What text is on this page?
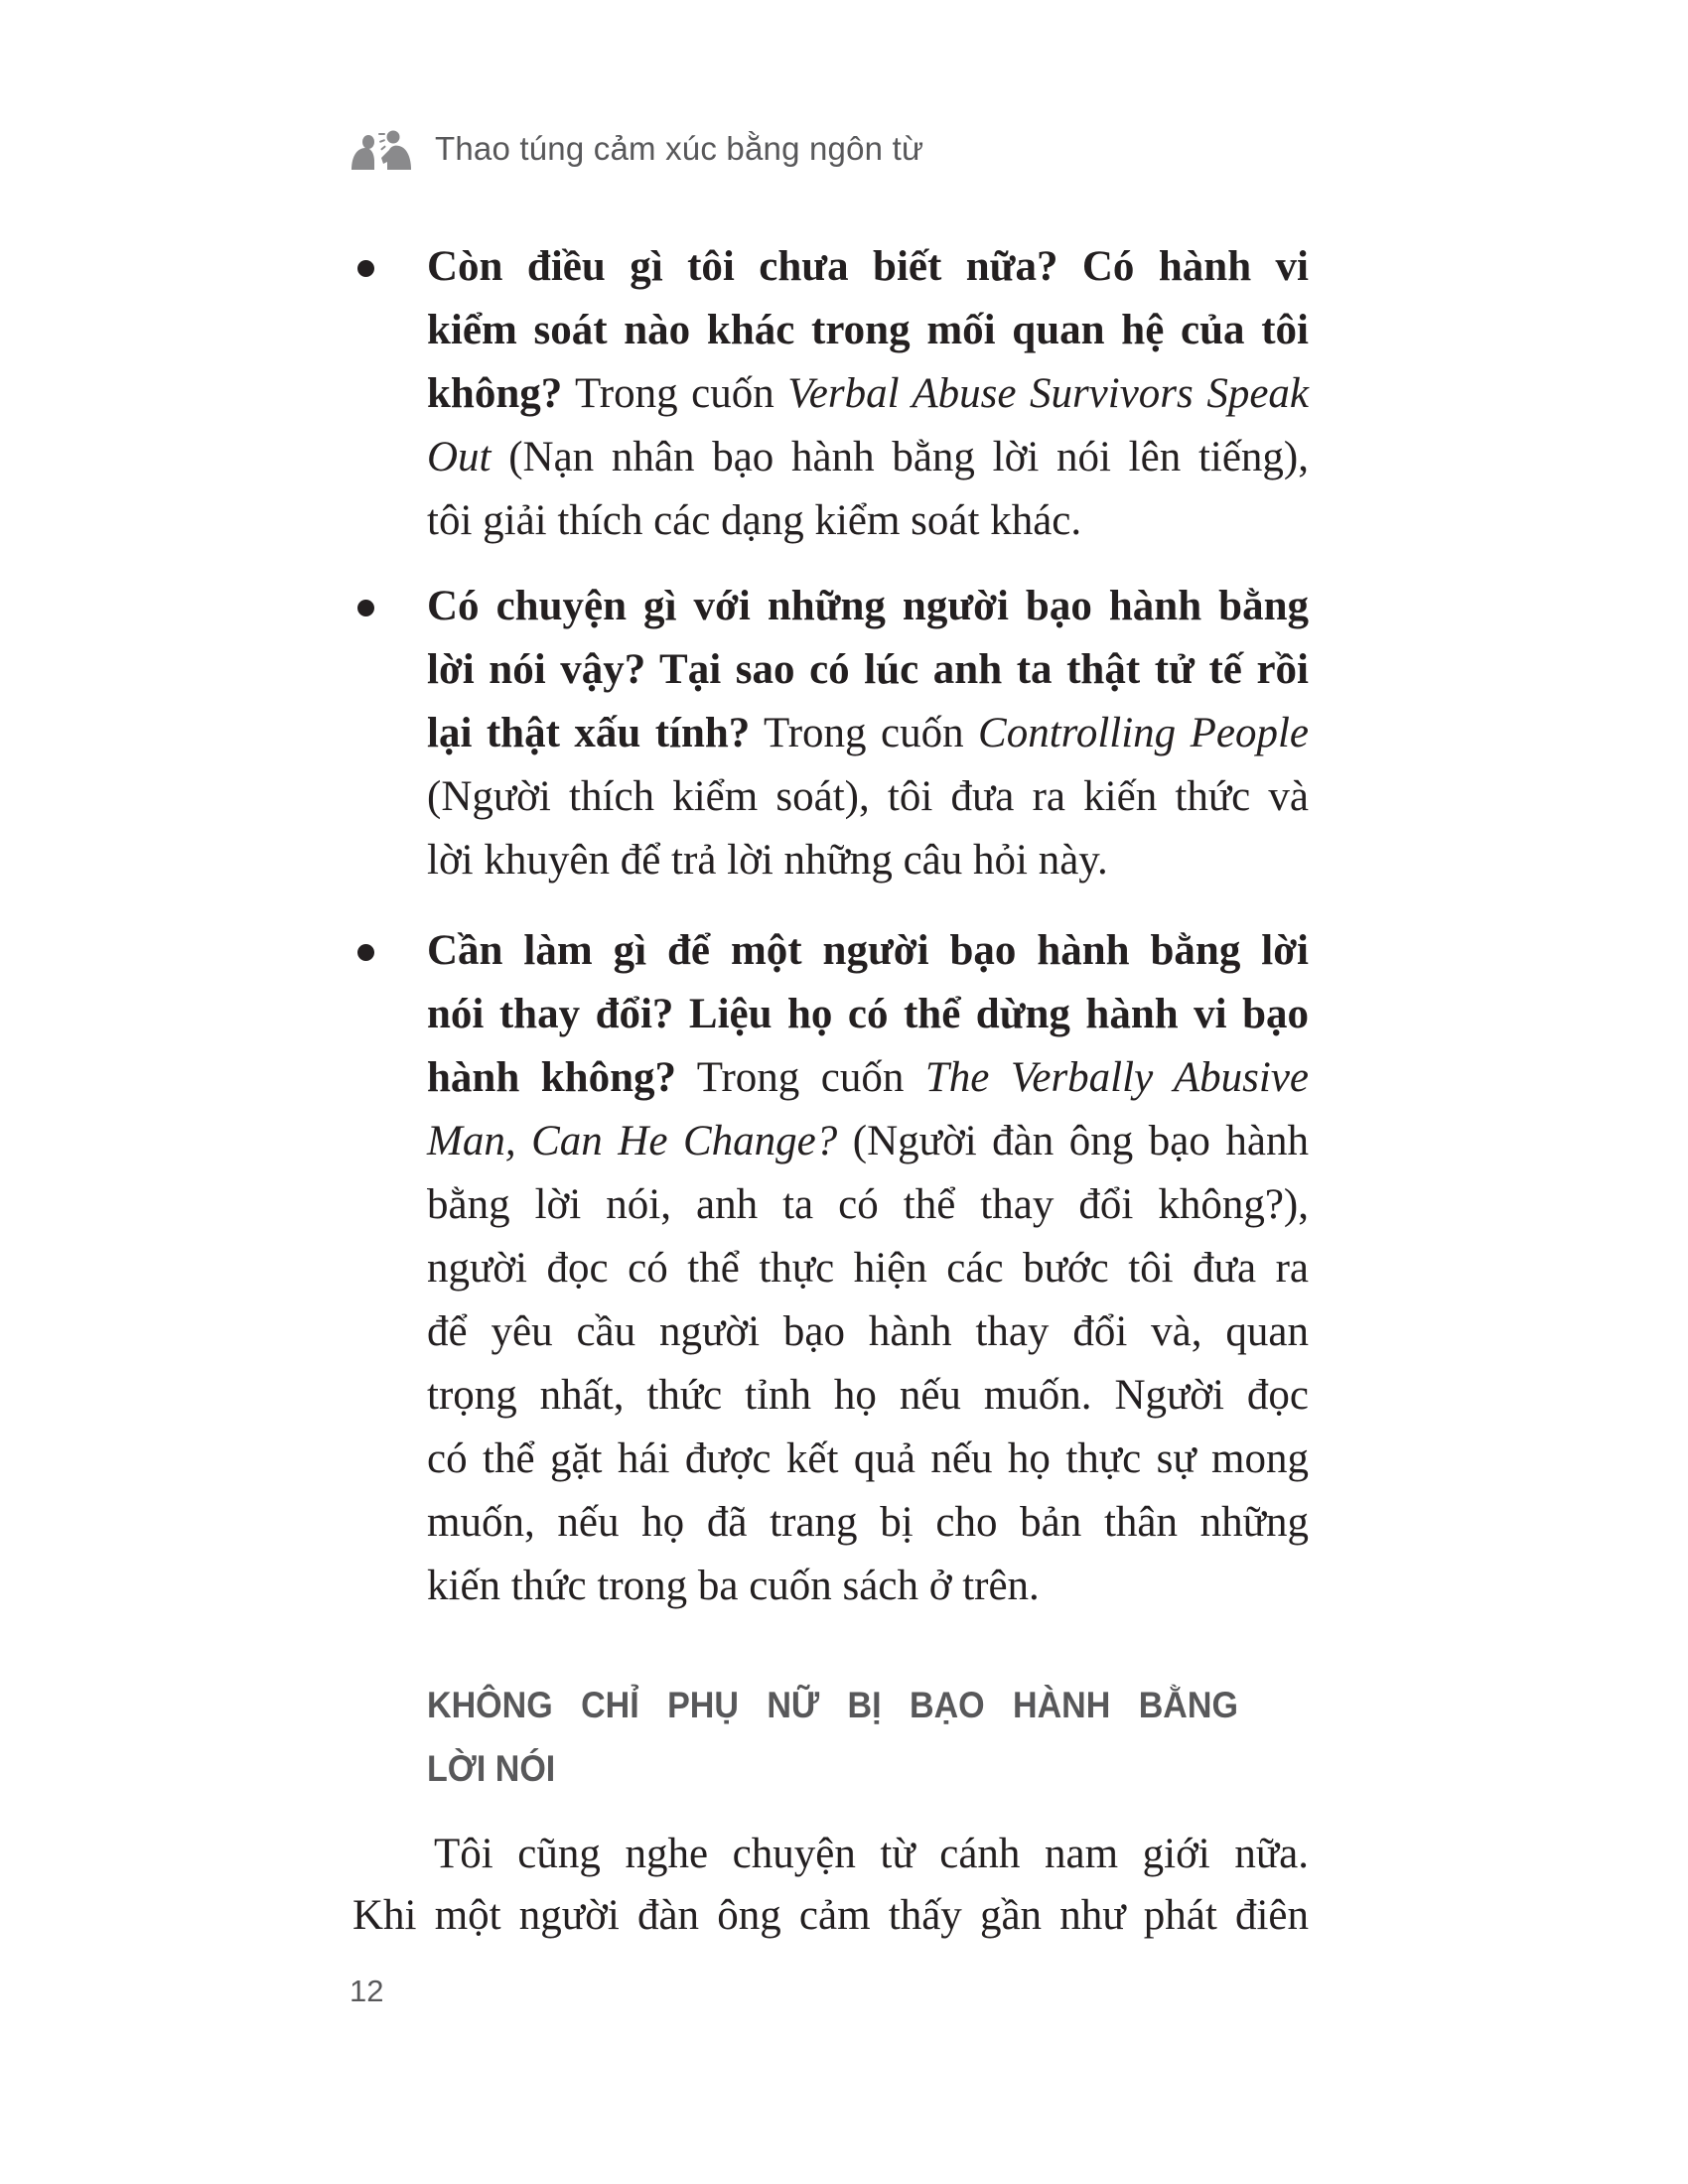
Thao túng cảm xúc bằng ngôn từ
Còn điều gì tôi chưa biết nữa? Có hành vi
kiểm soát nào khác trong mối quan hệ của tôi
không? Trong cuốn Verbal Abuse Survivors Speak
Out (Nạn nhân bạo hành bằng lời nói lên tiếng),
tôi giải thích các dạng kiểm soát khác.
Có chuyện gì với những người bạo hành bằng
lời nói vậy? Tại sao có lúc anh ta thật tử tế rồi
lại thật xấu tính? Trong cuốn Controlling People
(Người thích kiểm soát), tôi đưa ra kiến thức và
lời khuyên để trả lời những câu hỏi này.
Cần làm gì để một người bạo hành bằng lời
nói thay đổi? Liệu họ có thể dừng hành vi bạo
hành không? Trong cuốn The Verbally Abusive
Man, Can He Change? (Người đàn ông bạo hành
bằng lời nói, anh ta có thể thay đổi không?),
người đọc có thể thực hiện các bước tôi đưa ra
để yêu cầu người bạo hành thay đổi và, quan
trọng nhất, thức tỉnh họ nếu muốn. Người đọc
có thể gặt hái được kết quả nếu họ thực sự mong
muốn, nếu họ đã trang bị cho bản thân những
kiến thức trong ba cuốn sách ở trên.
KHÔNG CHỈ PHỤ NỮ BỊ BẠO HÀNH BẰNG
LỜI NÓI
Tôi cũng nghe chuyện từ cánh nam giới nữa.
Khi một người đàn ông cảm thấy gần như phát điên
12
